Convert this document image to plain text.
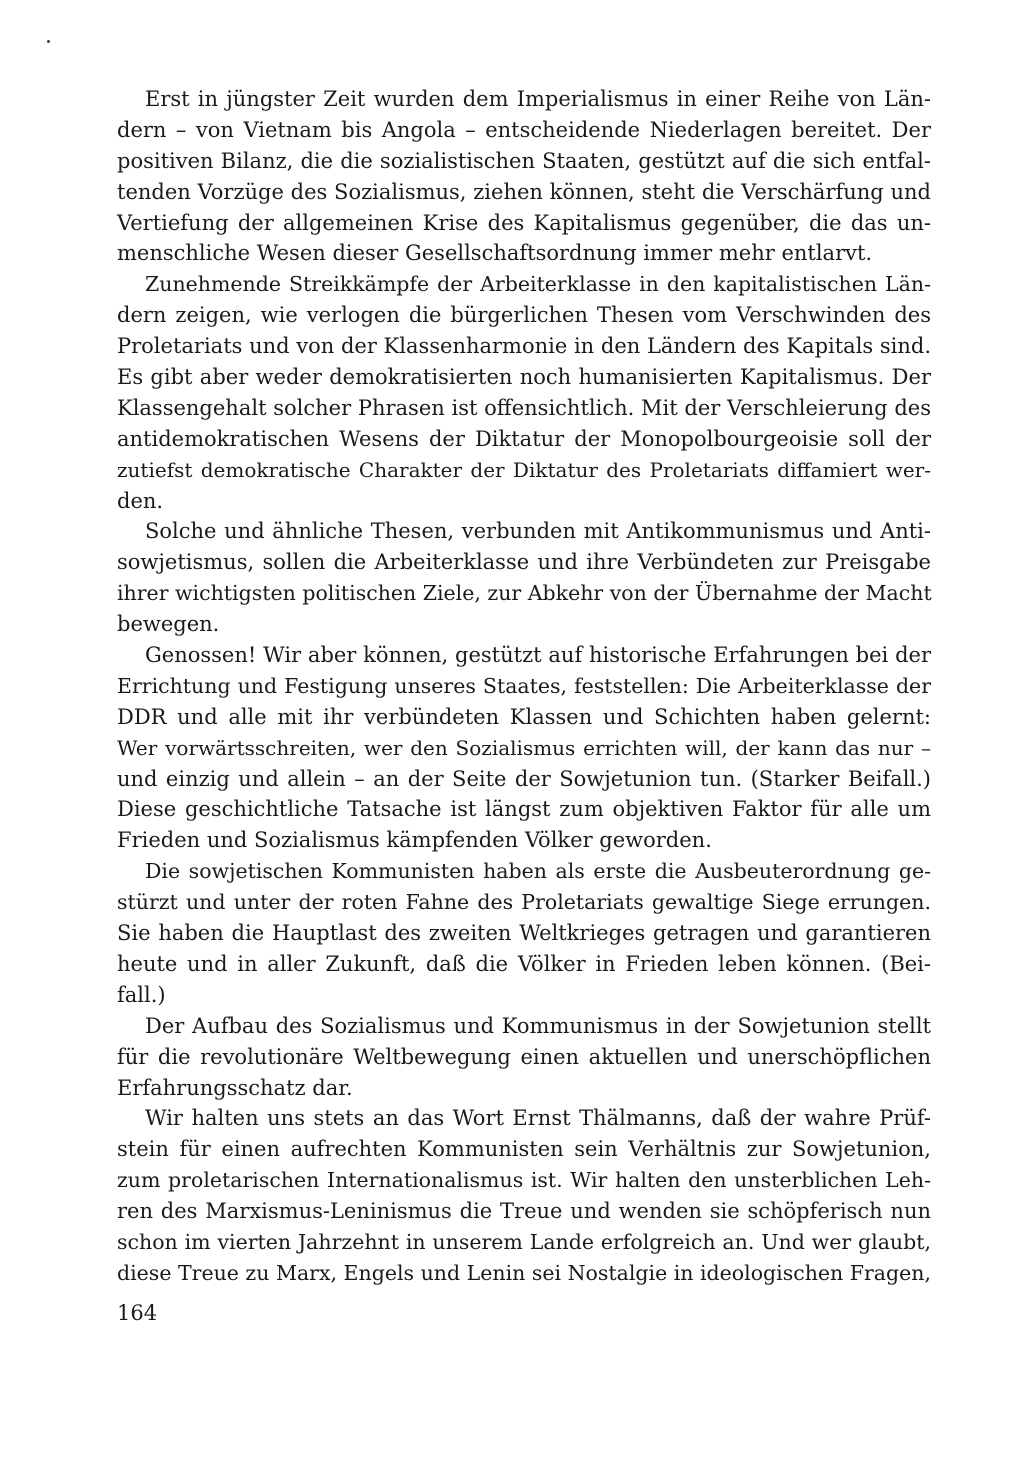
Erst in jüngster Zeit wurden dem Imperialismus in einer Reihe von Län-
dern – von Vietnam bis Angola – entscheidende Niederlagen bereitet. Der
positiven Bilanz, die die sozialistischen Staaten, gestützt auf die sich entfal-
tenden Vorzüge des Sozialismus, ziehen können, steht die Verschärfung und
Vertiefung der allgemeinen Krise des Kapitalismus gegenüber, die das un-
menschliche Wesen dieser Gesellschaftsordnung immer mehr entlarvt.
Zunehmende Streikkämpfe der Arbeiterklasse in den kapitalistischen Län-
dern zeigen, wie verlogen die bürgerlichen Thesen vom Verschwinden des
Proletariats und von der Klassenharmonie in den Ländern des Kapitals sind.
Es gibt aber weder demokratisierten noch humanisierten Kapitalismus. Der
Klassengehalt solcher Phrasen ist offensichtlich. Mit der Verschleierung des
antidemokratischen Wesens der Diktatur der Monopolbourgeoisie soll der
zutiefst demokratische Charakter der Diktatur des Proletariats diffamiert wer-
den.
Solche und ähnliche Thesen, verbunden mit Antikommunismus und Anti-
sowjetismus, sollen die Arbeiterklasse und ihre Verbündeten zur Preisgabe
ihrer wichtigsten politischen Ziele, zur Abkehr von der Übernahme der Macht
bewegen.
Genossen! Wir aber können, gestützt auf historische Erfahrungen bei der
Errichtung und Festigung unseres Staates, feststellen: Die Arbeiterklasse der
DDR und alle mit ihr verbündeten Klassen und Schichten haben gelernt:
Wer vorwärtsschreiten, wer den Sozialismus errichten will, der kann das nur –
und einzig und allein – an der Seite der Sowjetunion tun. (Starker Beifall.)
Diese geschichtliche Tatsache ist längst zum objektiven Faktor für alle um
Frieden und Sozialismus kämpfenden Völker geworden.
Die sowjetischen Kommunisten haben als erste die Ausbeuterordnung ge-
stürzt und unter der roten Fahne des Proletariats gewaltige Siege errungen.
Sie haben die Hauptlast des zweiten Weltkrieges getragen und garantieren
heute und in aller Zukunft, daß die Völker in Frieden leben können. (Bei-
fall.)
Der Aufbau des Sozialismus und Kommunismus in der Sowjetunion stellt
für die revolutionäre Weltbewegung einen aktuellen und unerschöpflichen
Erfahrungsschatz dar.
Wir halten uns stets an das Wort Ernst Thälmanns, daß der wahre Prüf-
stein für einen aufrechten Kommunisten sein Verhältnis zur Sowjetunion,
zum proletarischen Internationalismus ist. Wir halten den unsterblichen Leh-
ren des Marxismus-Leninismus die Treue und wenden sie schöpferisch nun
schon im vierten Jahrzehnt in unserem Lande erfolgreich an. Und wer glaubt,
diese Treue zu Marx, Engels und Lenin sei Nostalgie in ideologischen Fragen,
164
